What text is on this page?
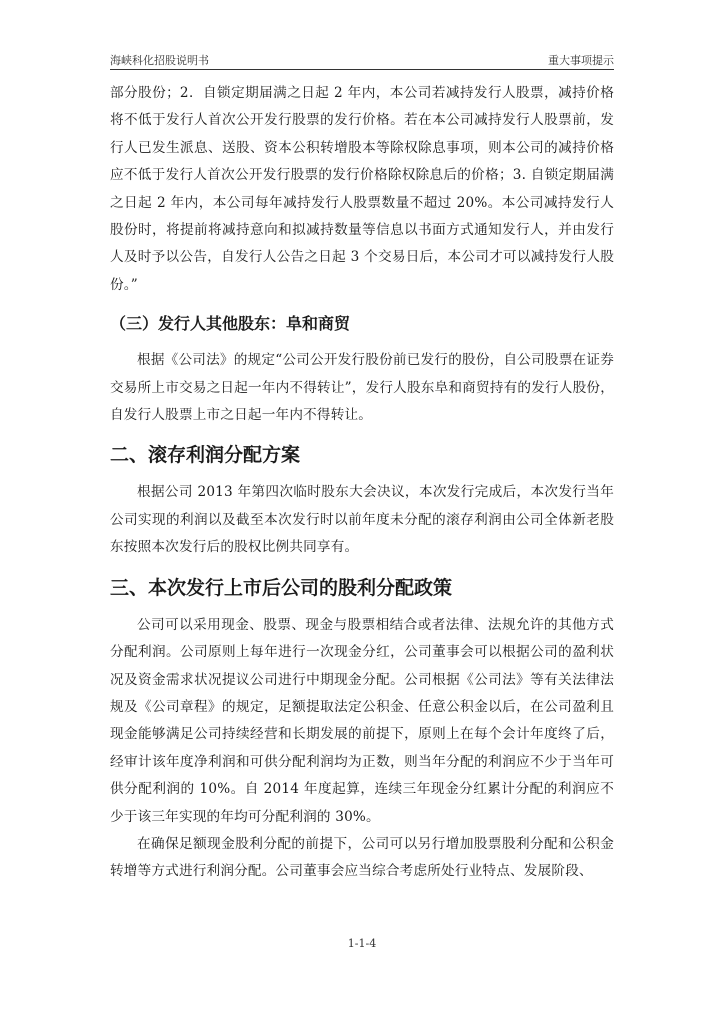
海峡科化招股说明书	重大事项提示

部分股份；2．自锁定期届满之日起 2 年内，本公司若减持发行人股票，减持价格将不低于发行人首次公开发行股票的发行价格。若在本公司减持发行人股票前，发行人已发生派息、送股、资本公积转增股本等除权除息事项，则本公司的减持价格应不低于发行人首次公开发行股票的发行价格除权除息后的价格；3. 自锁定期届满之日起 2 年内，本公司每年减持发行人股票数量不超过 20%。本公司减持发行人股份时，将提前将减持意向和拟减持数量等信息以书面方式通知发行人，并由发行人及时予以公告，自发行人公告之日起 3 个交易日后，本公司才可以减持发行人股份。”

（三）发行人其他股东：阜和商贸

根据《公司法》的规定“公司公开发行股份前已发行的股份，自公司股票在证券交易所上市交易之日起一年内不得转让”，发行人股东阜和商贸持有的发行人股份，自发行人股票上市之日起一年内不得转让。

二、滚存利润分配方案

根据公司 2013 年第四次临时股东大会决议，本次发行完成后，本次发行当年公司实现的利润以及截至本次发行时以前年度未分配的滚存利润由公司全体新老股东按照本次发行后的股权比例共同享有。

三、本次发行上市后公司的股利分配政策

公司可以采用现金、股票、现金与股票相结合或者法律、法规允许的其他方式分配利润。公司原则上每年进行一次现金分红，公司董事会可以根据公司的盈利状况及资金需求状况提议公司进行中期现金分配。公司根据《公司法》等有关法律法规及《公司章程》的规定，足额提取法定公积金、任意公积金以后，在公司盈利且现金能够满足公司持续经营和长期发展的前提下，原则上在每个会计年度终了后，经审计该年度净利润和可供分配利润均为正数，则当年分配的利润应不少于当年可供分配利润的 10%。自 2014 年度起算，连续三年现金分红累计分配的利润应不少于该三年实现的年均可分配利润的 30%。

在确保足额现金股利分配的前提下，公司可以另行增加股票股利分配和公积金转增等方式进行利润分配。公司董事会应当综合考虑所处行业特点、发展阶段、

1-1-4
